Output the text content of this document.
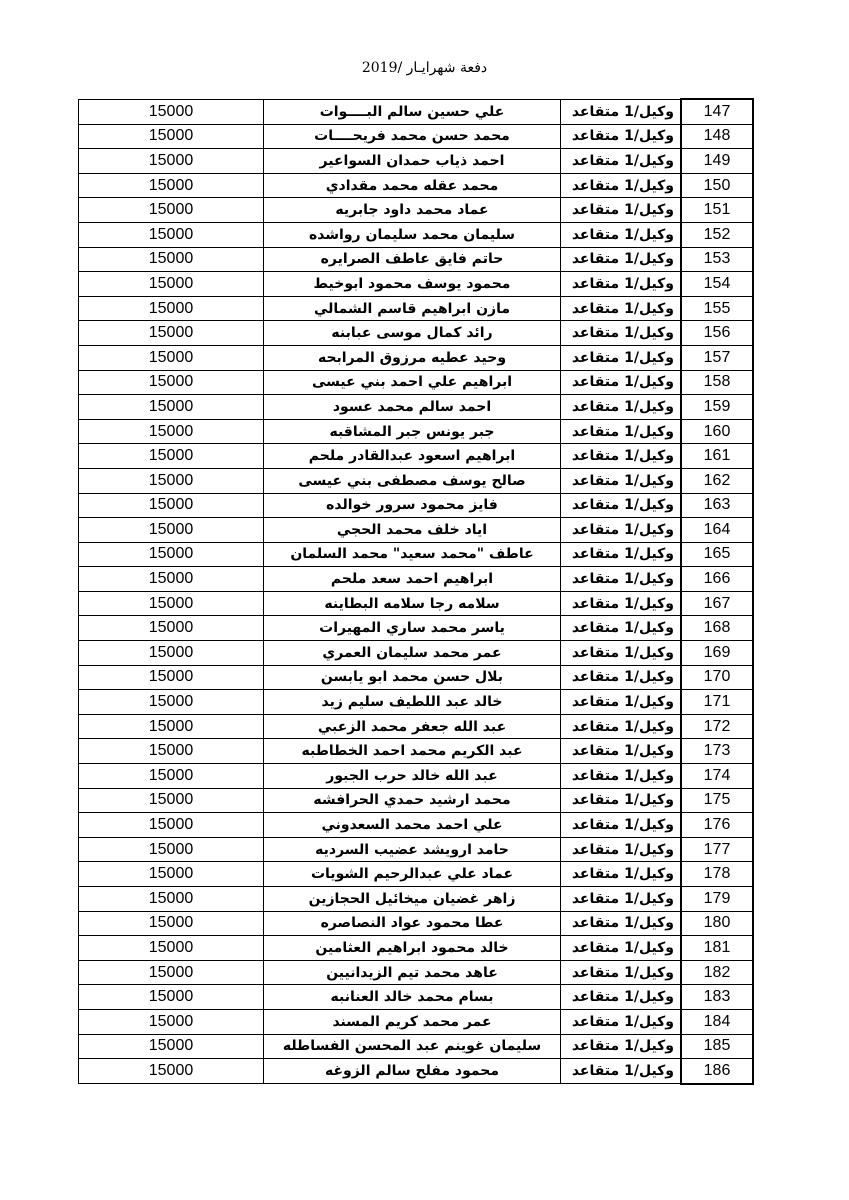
دفعة شهرايـار /2019
147	وكيل/1 متقاعد	علي حسين سالم البــــوات	15000
148	وكيل/1 متقاعد	محمد حسن محمد فريحــــات	15000
149	وكيل/1 متقاعد	احمد ذياب حمدان السواعير	15000
150	وكيل/1 متقاعد	محمد عقله محمد مقدادي	15000
151	وكيل/1 متقاعد	عماد محمد داود جابريه	15000
152	وكيل/1 متقاعد	سليمان محمد سليمان رواشده	15000
153	وكيل/1 متقاعد	حاتم فايق عاطف الصرايره	15000
154	وكيل/1 متقاعد	محمود يوسف محمود ابوخيط	15000
155	وكيل/1 متقاعد	مازن ابراهيم قاسم الشمالي	15000
156	وكيل/1 متقاعد	رائد كمال موسى عبابنه	15000
157	وكيل/1 متقاعد	وحيد عطيه مرزوق المرابحه	15000
158	وكيل/1 متقاعد	ابراهيم علي احمد بني عيسى	15000
159	وكيل/1 متقاعد	احمد سالم محمد عسود	15000
160	وكيل/1 متقاعد	جبر يونس جبر المشاقبه	15000
161	وكيل/1 متقاعد	ابراهيم اسعود عبدالقادر ملحم	15000
162	وكيل/1 متقاعد	صالح يوسف مصطفى بني عيسى	15000
163	وكيل/1 متقاعد	فايز محمود سرور خوالده	15000
164	وكيل/1 متقاعد	اياد خلف محمد الحجي	15000
165	وكيل/1 متقاعد	عاطف "محمد سعيد" محمد السلمان	15000
166	وكيل/1 متقاعد	ابراهيم احمد سعد ملحم	15000
167	وكيل/1 متقاعد	سلامه رجا سلامه البطاينه	15000
168	وكيل/1 متقاعد	ياسر محمد ساري المهيرات	15000
169	وكيل/1 متقاعد	عمر محمد سليمان العمري	15000
170	وكيل/1 متقاعد	بلال حسن محمد ابو يابسن	15000
171	وكيل/1 متقاعد	خالد عبد اللطيف سليم زيد	15000
172	وكيل/1 متقاعد	عبد الله جعفر محمد الزعبي	15000
173	وكيل/1 متقاعد	عبد الكريم محمد احمد الخطاطبه	15000
174	وكيل/1 متقاعد	عبد الله خالد حرب الجبور	15000
175	وكيل/1 متقاعد	محمد ارشيد حمدي الحرافشه	15000
176	وكيل/1 متقاعد	علي احمد محمد السعدوني	15000
177	وكيل/1 متقاعد	حامد ارويشد عضيب السرديه	15000
178	وكيل/1 متقاعد	عماد علي عبدالرحيم الشويات	15000
179	وكيل/1 متقاعد	زاهر غضيان ميخائيل الحجازين	15000
180	وكيل/1 متقاعد	عطا محمود عواد النصاصره	15000
181	وكيل/1 متقاعد	خالد محمود ابراهيم العثامين	15000
182	وكيل/1 متقاعد	عاهد محمد تيم الزيدانيين	15000
183	وكيل/1 متقاعد	بسام محمد خالد العنانبه	15000
184	وكيل/1 متقاعد	عمر محمد كريم المسند	15000
185	وكيل/1 متقاعد	سليمان غوينم عبد المحسن الفساطله	15000
186	وكيل/1 متقاعد	محمود مفلح سالم الزوغه	15000
